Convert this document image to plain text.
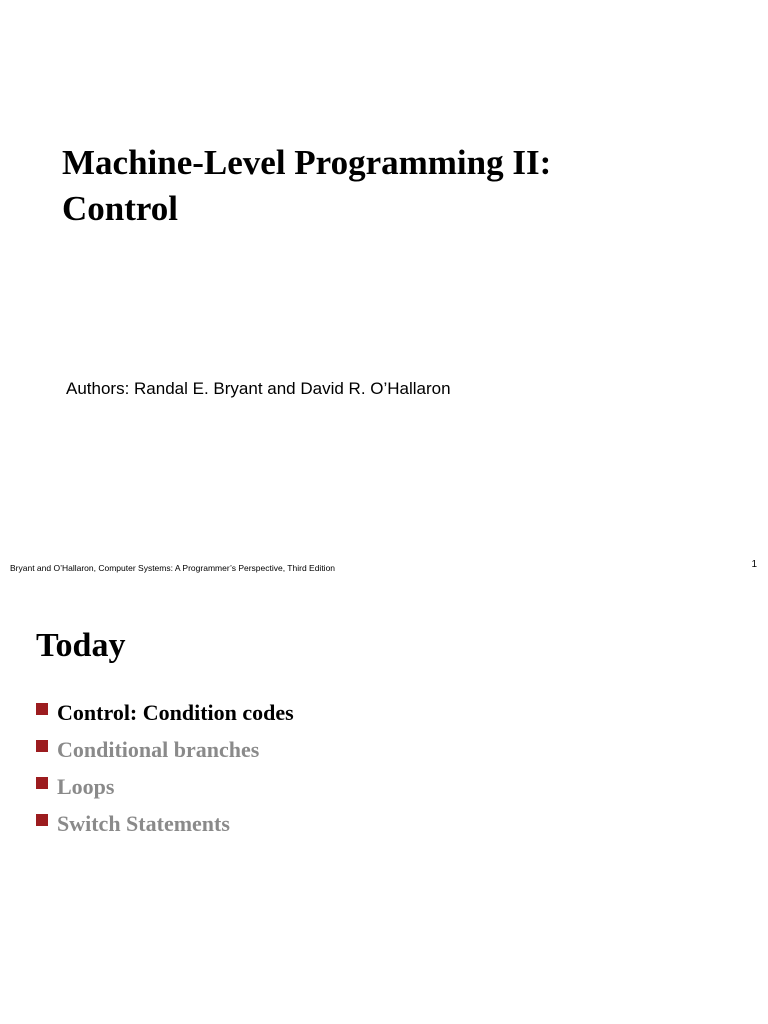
Machine-Level Programming II:
Control
Authors: Randal E. Bryant and David R. O’Hallaron
Bryant and O’Hallaron, Computer Systems: A Programmer’s Perspective, Third Edition	1
Today
Control: Condition codes
Conditional branches
Loops
Switch Statements
